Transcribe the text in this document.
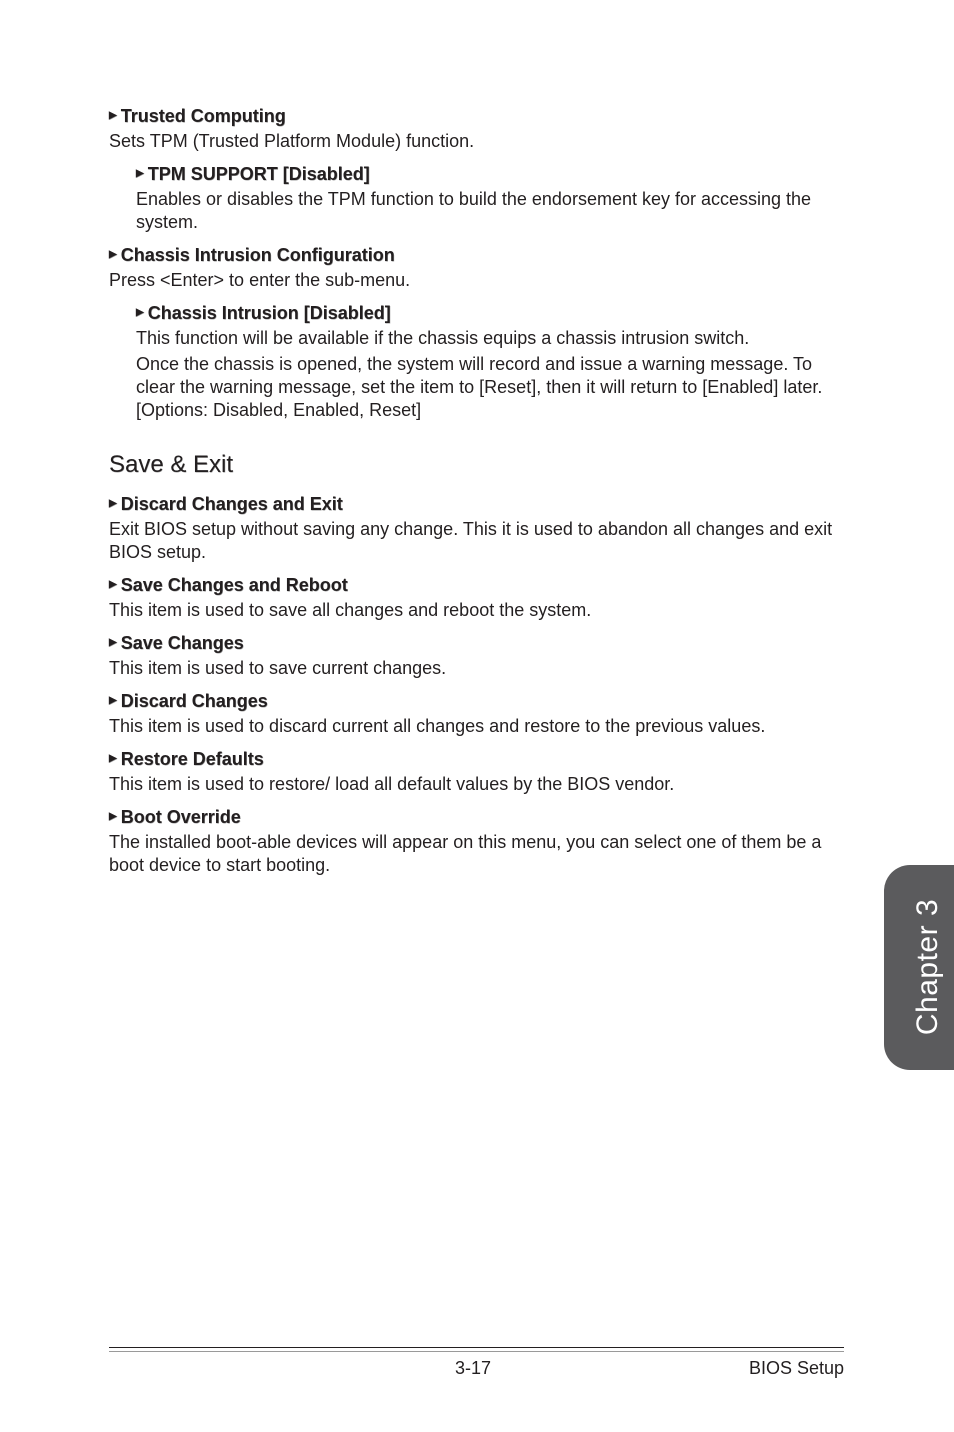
▶ Trusted Computing

Sets TPM (Trusted Platform Module) function.

▶ TPM SUPPORT [Disabled]

Enables or disables the TPM function to build the endorsement key for accessing the system.

▶ Chassis Intrusion Configuration

Press <Enter> to enter the sub-menu.

▶ Chassis Intrusion [Disabled]

This function will be available if the chassis equips a chassis intrusion switch.

Once the chassis is opened, the system will record and issue a warning message. To clear the warning message, set the item to [Reset], then it will return to [Enabled] later. [Options: Disabled, Enabled, Reset]

Save & Exit
▶ Discard Changes and Exit

Exit BIOS setup without saving any change. This it is used to abandon all changes and exit BIOS setup.

▶ Save Changes and Reboot

This item is used to save all changes and reboot the system.

▶ Save Changes

This item is used to save current changes.

▶ Discard Changes

This item is used to discard current all changes and restore to the previous values.

▶ Restore Defaults

This item is used to restore/ load all default values by the BIOS vendor.

▶ Boot Override

The installed boot-able devices will appear on this menu, you can select one of them be a boot device to start booting.

Chapter 3
3-17	BIOS Setup
